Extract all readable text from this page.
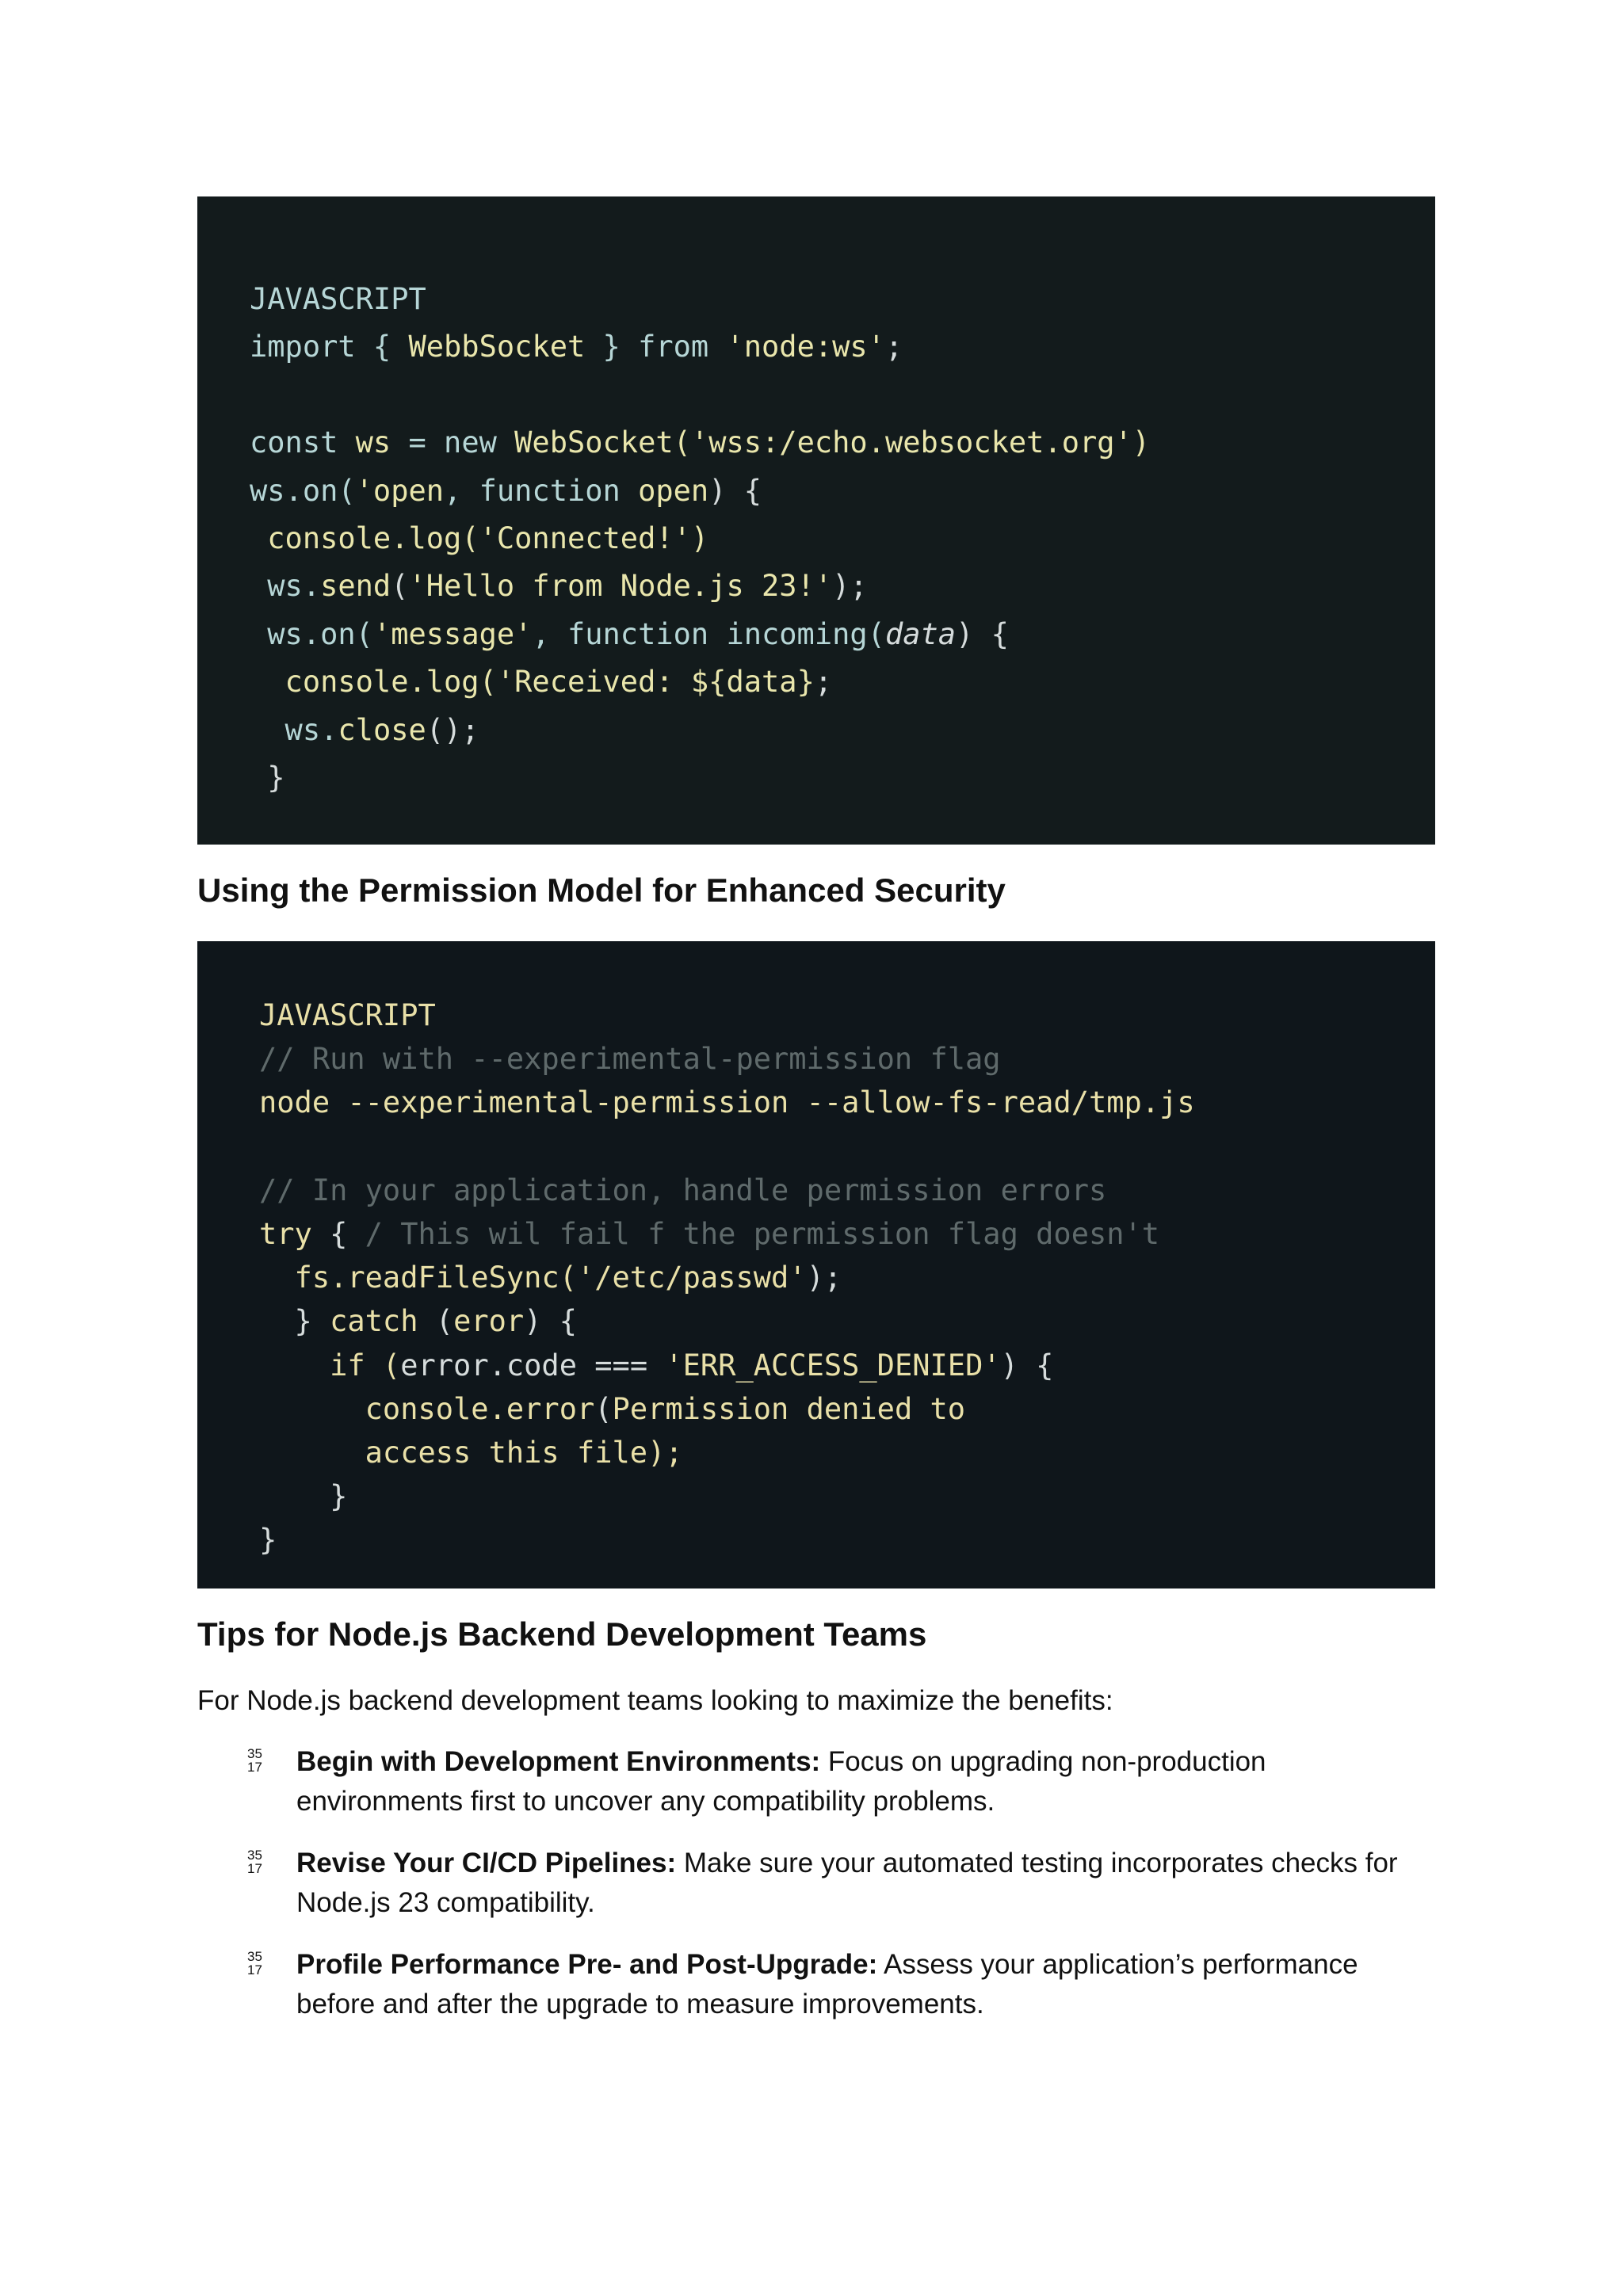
JAVASCRIPT
import { WebbSocket } from 'node:ws';

const ws = new WebSocket('wss:/echo.websocket.org')
ws.on('open, function open) {
console.log('Connected!')
ws.send('Hello from Node.js 23!');
ws.on('message', function incoming(data) {
console.log('Received: ${data};
ws.close();
}
Using the Permission Model for Enhanced Security
JAVASCRIPT
// Run with --experimental-permission flag
node --experimental-permission --allow-fs-read/tmp.js

// In your application, handle permission errors
try { / This wil fail f the permission flag doesn't
fs.readFileSync('/etc/passwd');
} catch (eror) {
if (error.code === 'ERR_ACCESS_DENIED') {
console.error(Permission denied to
access this file);
}
}
Tips for Node.js Backend Development Teams

For Node.js backend development teams looking to maximize the benefits:

35
17 Begin with Development Environments: Focus on upgrading non-production environments first to uncover any compatibility problems.
35
17 Revise Your CI/CD Pipelines: Make sure your automated testing incorporates checks for Node.js 23 compatibility.
35
17 Profile Performance Pre- and Post-Upgrade: Assess your application’s performance before and after the upgrade to measure improvements.
